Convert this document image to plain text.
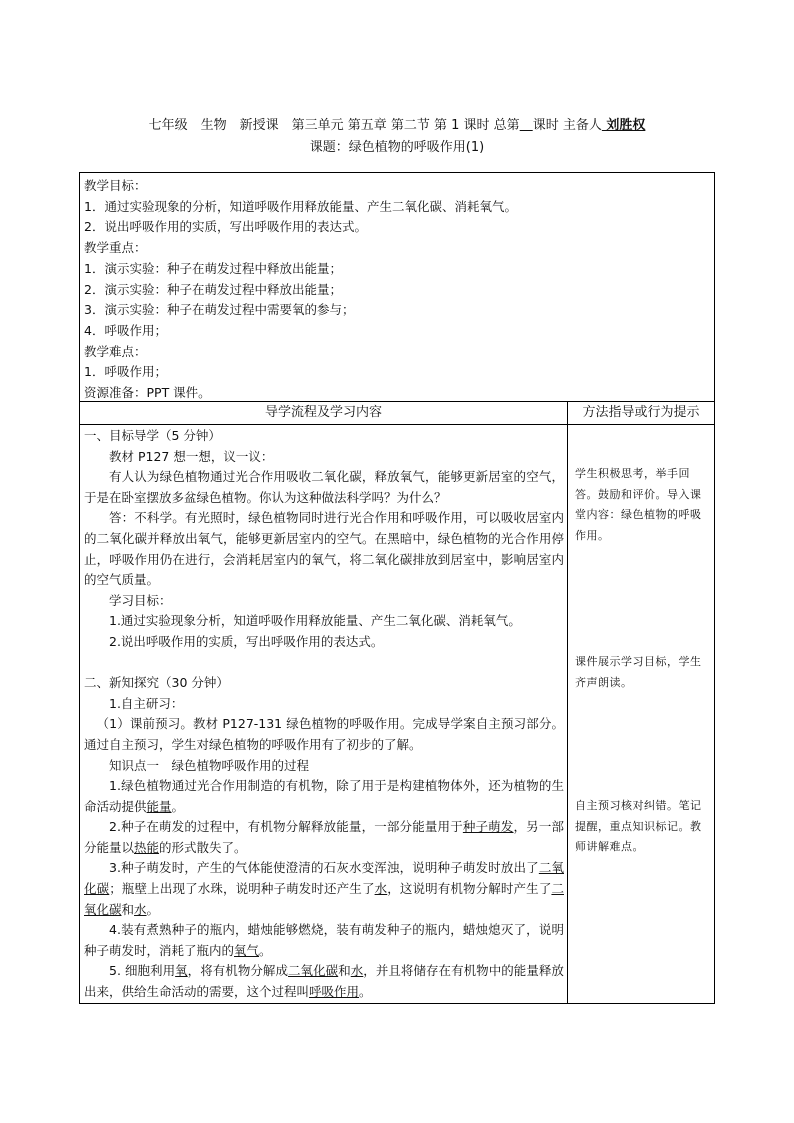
七年级　生物　新授课　第三单元 第五章 第二节 第 1 课时 总第　 课时 主备人 刘胜权
课题：绿色植物的呼吸作用(1)
教学目标：
1．通过实验现象的分析，知道呼吸作用释放能量、产生二氧化碳、消耗氧气。
2．说出呼吸作用的实质，写出呼吸作用的表达式。
教学重点：
1．演示实验：种子在萌发过程中释放出能量；
2．演示实验：种子在萌发过程中释放出能量；
3．演示实验：种子在萌发过程中需要氧的参与；
4．呼吸作用；
教学难点：
1．呼吸作用；
资源准备：PPT 课件。
导学流程及学习内容	方法指导或行为提示

一、目标导学（5 分钟）

教材 P127 想一想，议一议：

有人认为绿色植物通过光合作用吸收二氧化碳，释放氧气，能够更新居室的空气，于是在卧室摆放多盆绿色植物。你认为这种做法科学吗？为什么？

答：不科学。有光照时，绿色植物同时进行光合作用和呼吸作用，可以吸收居室内的二氧化碳并释放出氧气，能够更新居室内的空气。在黑暗中，绿色植物的光合作用停止，呼吸作用仍在进行，会消耗居室内的氧气，将二氧化碳排放到居室中，影响居室内的空气质量。

学习目标：

1.通过实验现象分析，知道呼吸作用释放能量、产生二氧化碳、消耗氧气。

2.说出呼吸作用的实质，写出呼吸作用的表达式。

二、新知探究（30 分钟）

1.自主研习：

（1）课前预习。教材 P127-131 绿色植物的呼吸作用。完成导学案自主预习部分。通过自主预习，学生对绿色植物的呼吸作用有了初步的了解。

知识点一　绿色植物呼吸作用的过程

1.绿色植物通过光合作用制造的有机物，除了用于是构建植物体外，还为植物的生命活动提供能量。

2.种子在萌发的过程中，有机物分解释放能量，一部分能量用于种子萌发，另一部分能量以热能的形式散失了。

3.种子萌发时，产生的气体能使澄清的石灰水变浑浊，说明种子萌发时放出了二氧化碳；瓶壁上出现了水珠，说明种子萌发时还产生了水，这说明有机物分解时产生了二氧化碳和水。

4.装有煮熟种子的瓶内，蜡烛能够燃烧，装有萌发种子的瓶内，蜡烛熄灭了，说明种子萌发时，消耗了瓶内的氧气。

5. 细胞利用氧，将有机物分解成二氧化碳和水，并且将储存在有机物中的能量释放出来，供给生命活动的需要，这个过程叫呼吸作用。

学生积极思考，举手回答。鼓励和评价。导入课堂内容：绿色植物的呼吸作用。
课件展示学习目标，学生齐声朗读。
自主预习核对纠错。笔记提醒，重点知识标记。教师讲解难点。
